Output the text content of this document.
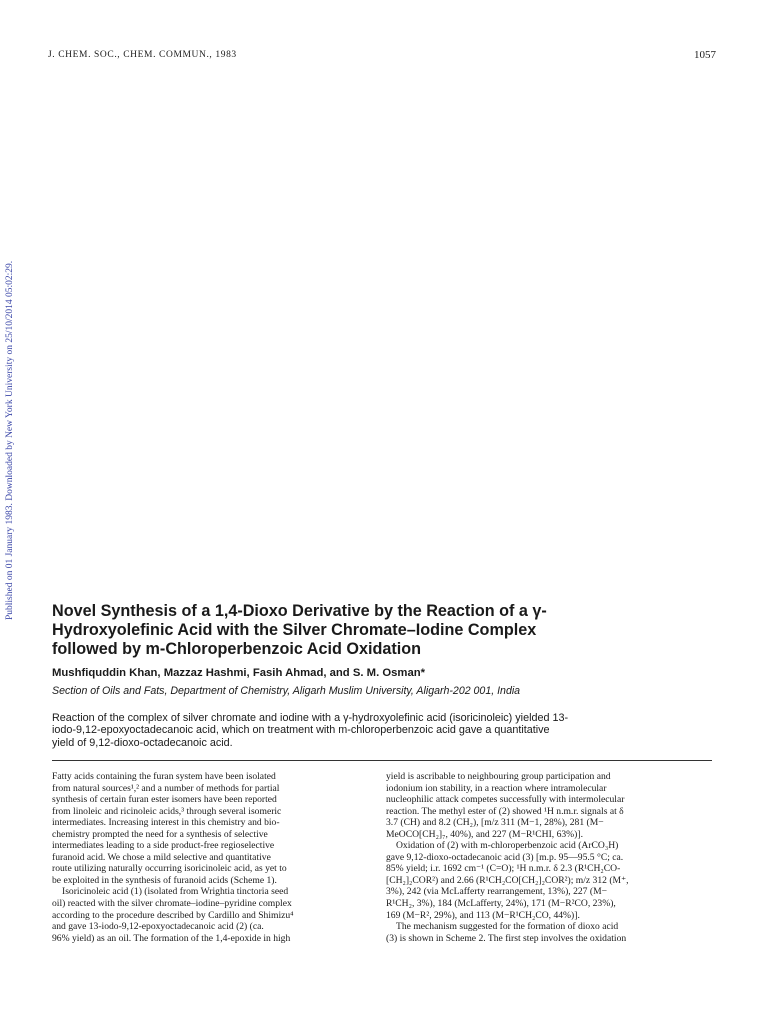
J. CHEM. SOC., CHEM. COMMUN., 1983	1057
Published on 01 January 1983. Downloaded by New York University on 25/10/2014 05:02:29. Novel Synthesis of a 1,4-Dioxo Derivative by the Reaction of a γ-
Hydroxyolefinic Acid with the Silver Chromate–Iodine Complex
followed by m-Chloroperbenzoic Acid Oxidation
Mushfiquddin Khan, Mazzaz Hashmi, Fasih Ahmad, and S. M. Osman*
Section of Oils and Fats, Department of Chemistry, Aligarh Muslim University, Aligarh-202 001, India
Reaction of the complex of silver chromate and iodine with a γ-hydroxyolefinic acid (isoricinoleic) yielded 13-
iodo-9,12-epoxyoctadecanoic acid, which on treatment with m-chloroperbenzoic acid gave a quantitative
yield of 9,12-dioxo-octadecanoic acid.
Fatty acids containing the furan system have been isolated
from natural sources¹,² and a number of methods for partial
synthesis of certain furan ester isomers have been reported
from linoleic and ricinoleic acids,³ through several isomeric
intermediates. Increasing interest in this chemistry and bio-
chemistry prompted the need for a synthesis of selective
intermediates leading to a side product-free regioselective
furanoid acid. We chose a mild selective and quantitative
route utilizing naturally occurring isoricinoleic acid, as yet to
be exploited in the synthesis of furanoid acids (Scheme 1).
Isoricinoleic acid (1) (isolated from Wrightia tinctoria seed
oil) reacted with the silver chromate–iodine–pyridine complex
according to the procedure described by Cardillo and Shimizu⁴
and gave 13-iodo-9,12-epoxyoctadecanoic acid (2) (ca.
96% yield) as an oil. The formation of the 1,4-epoxide in high
yield is ascribable to neighbouring group participation and
iodonium ion stability, in a reaction where intramolecular
nucleophilic attack competes successfully with intermolecular
reaction. The methyl ester of (2) showed ¹H n.m.r. signals at δ
3.7 (CH) and 8.2 (CH₂), [m/z 311 (M−1, 28%), 281 (M−
MeOCO[CH₂]₇, 40%), and 227 (M−R¹CHI, 63%)].
Oxidation of (2) with m-chloroperbenzoic acid (ArCO₃H)
gave 9,12-dioxo-octadecanoic acid (3) [m.p. 95—95.5 °C; ca.
85% yield; i.r. 1692 cm⁻¹ (C=O); ¹H n.m.r. δ 2.3 (R¹CH₂CO-
[CH₂]₂COR²) and 2.66 (R¹CH₂CO[CH₂]₂COR²); m/z 312 (M⁺,
3%), 242 (via McLafferty rearrangement, 13%), 227 (M−
R¹CH₂, 3%), 184 (McLafferty, 24%), 171 (M−R²CO, 23%),
169 (M−R², 29%), and 113 (M−R¹CH₂CO, 44%)].
The mechanism suggested for the formation of dioxo acid
(3) is shown in Scheme 2. The first step involves the oxidation
